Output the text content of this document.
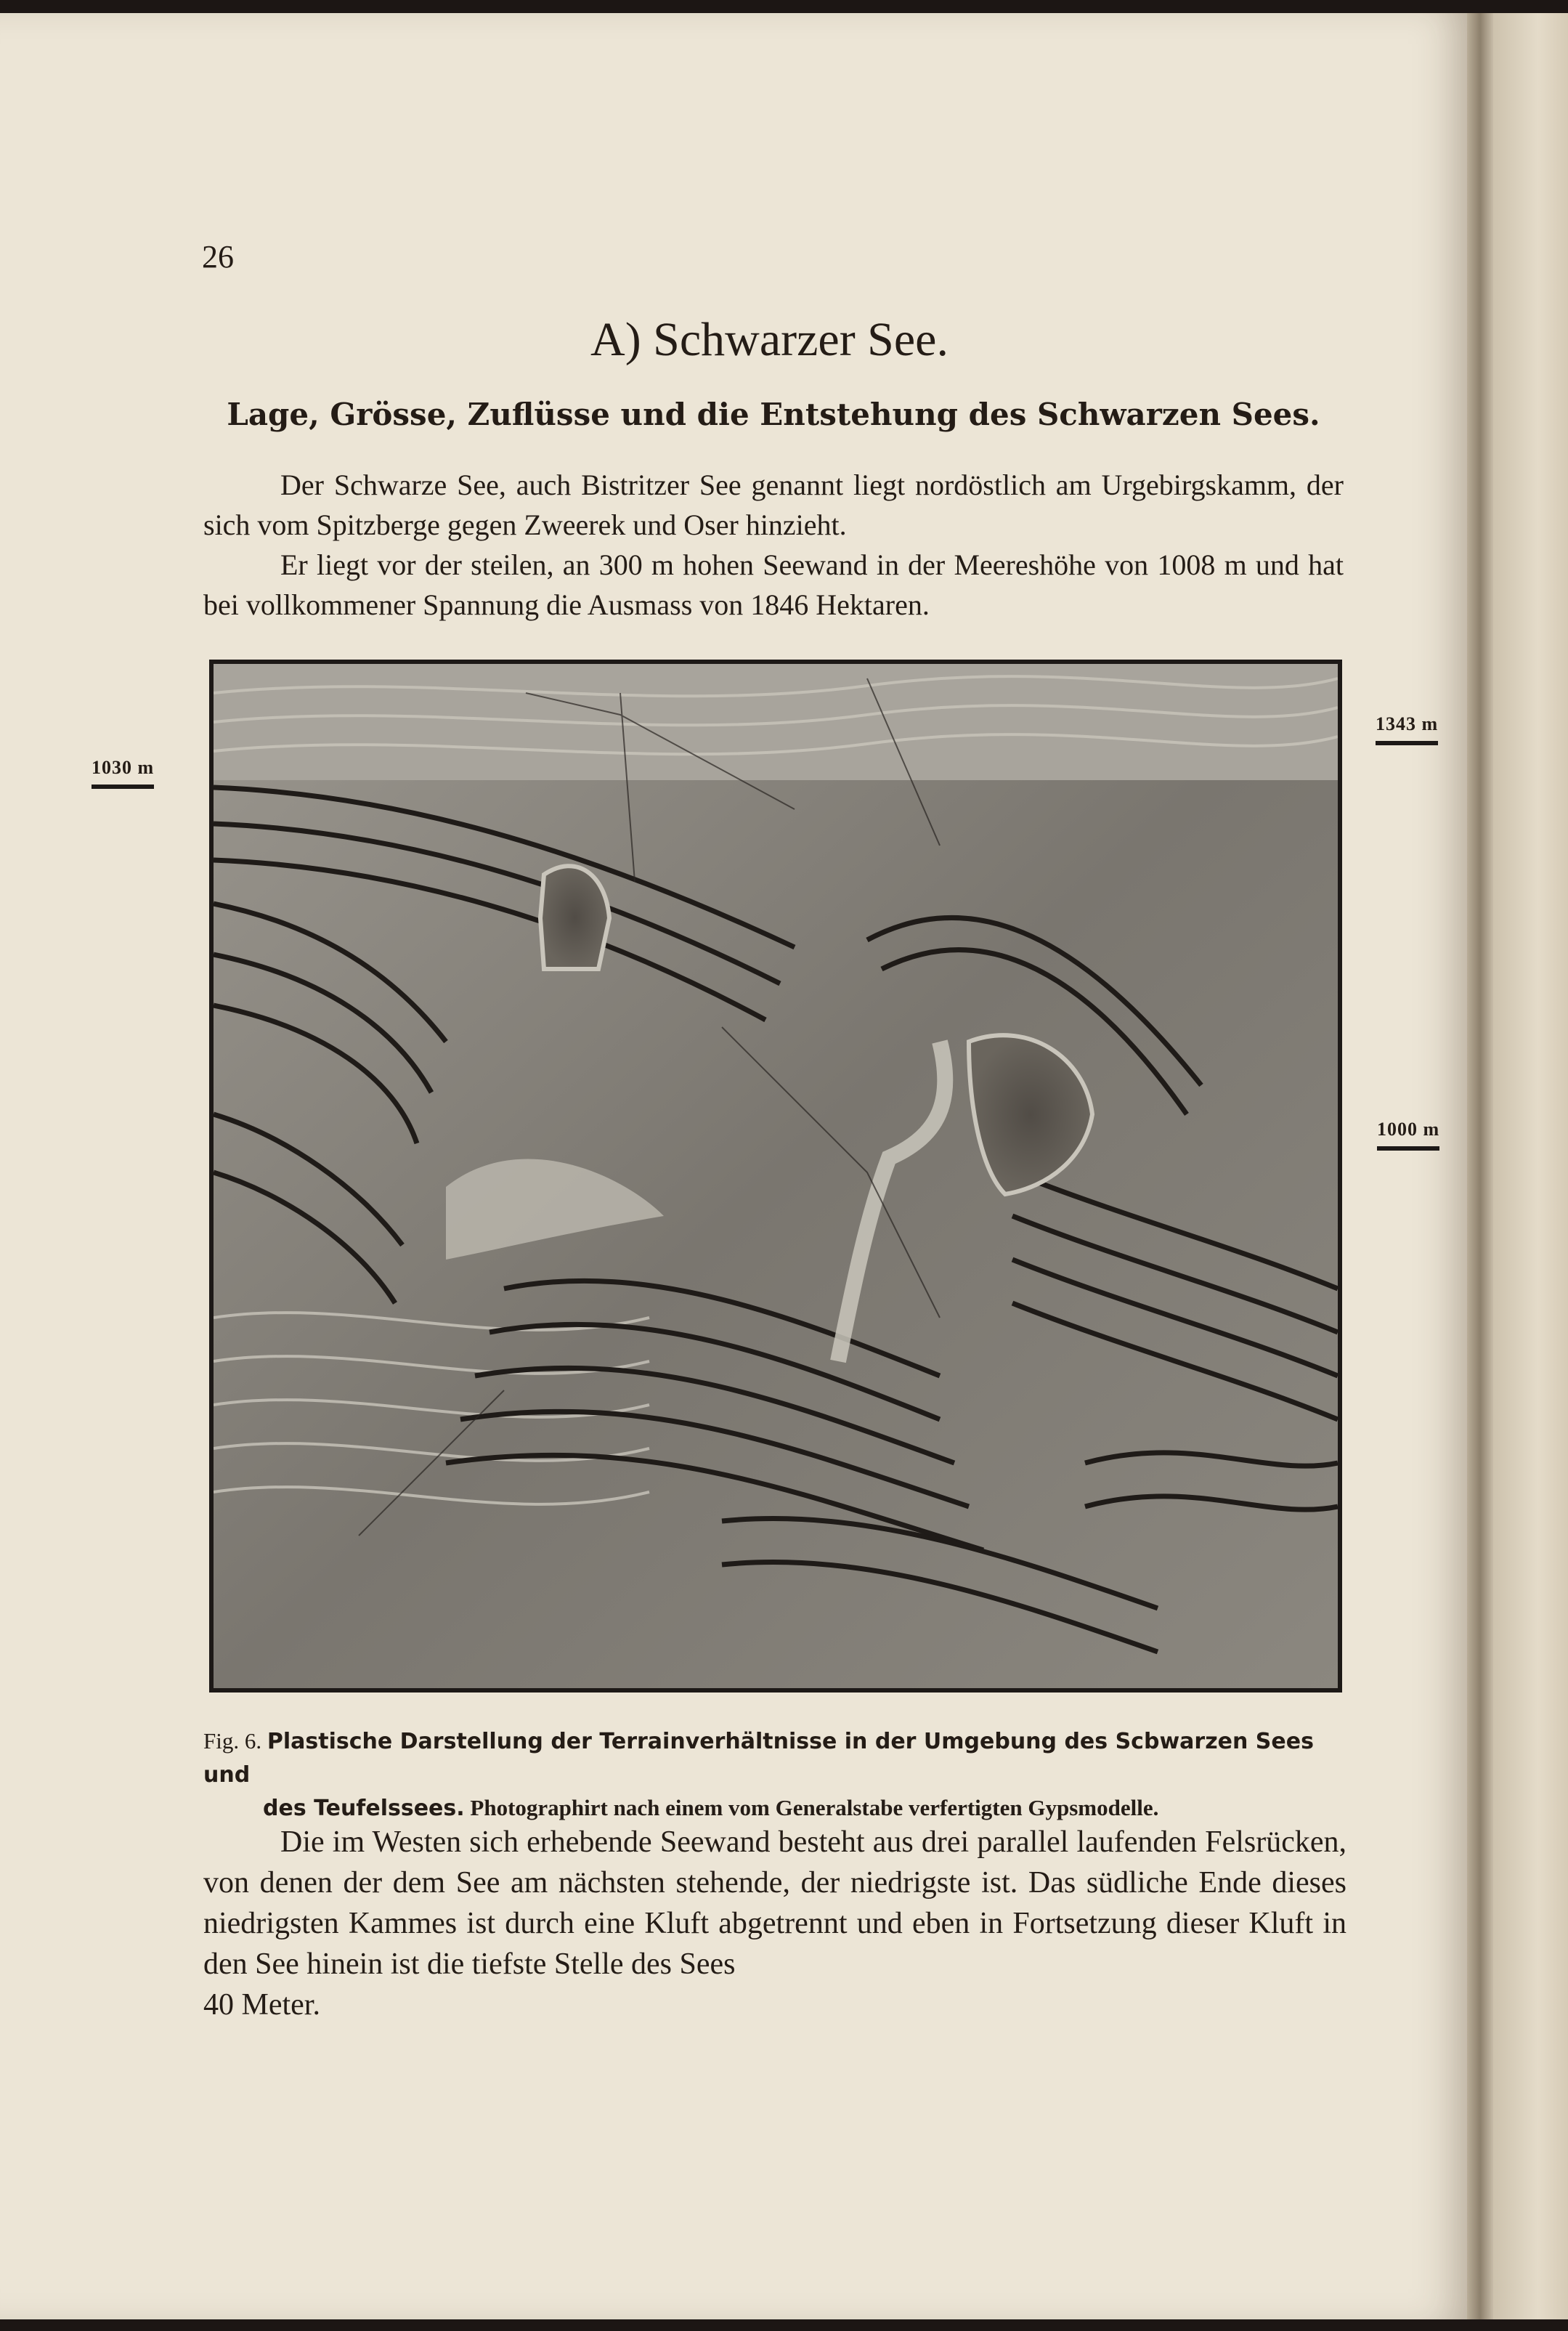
26
A) Schwarzer See.
Lage, Grösse, Zuflüsse und die Entstehung des Schwarzen Sees.

Der Schwarze See, auch Bistritzer See genannt liegt nordöstlich am Urgebirgskamm, der sich vom Spitzberge gegen Zweerek und Oser hinzieht.

Er liegt vor der steilen, an 300 m hohen Seewand in der Meereshöhe von 1008 m und hat bei vollkommener Spannung die Ausmass von 1846 Hektaren.

1030 m
1343 m
1000 m
Fig. 6. Plastische Darstellung der Terrainverhältnisse in der Umgebung des Scbwarzen Sees und
des Teufelssees. Photographirt nach einem vom Generalstabe verfertigten Gypsmodelle.

Die im Westen sich erhebende Seewand besteht aus drei parallel laufenden Felsrücken, von denen der dem See am nächsten stehende, der niedrigste ist. Das südliche Ende dieses niedrigsten Kammes ist durch eine Kluft abgetrennt und eben in Fortsetzung dieser Kluft in den See hinein ist die tiefste Stelle des Sees

40 Meter.
